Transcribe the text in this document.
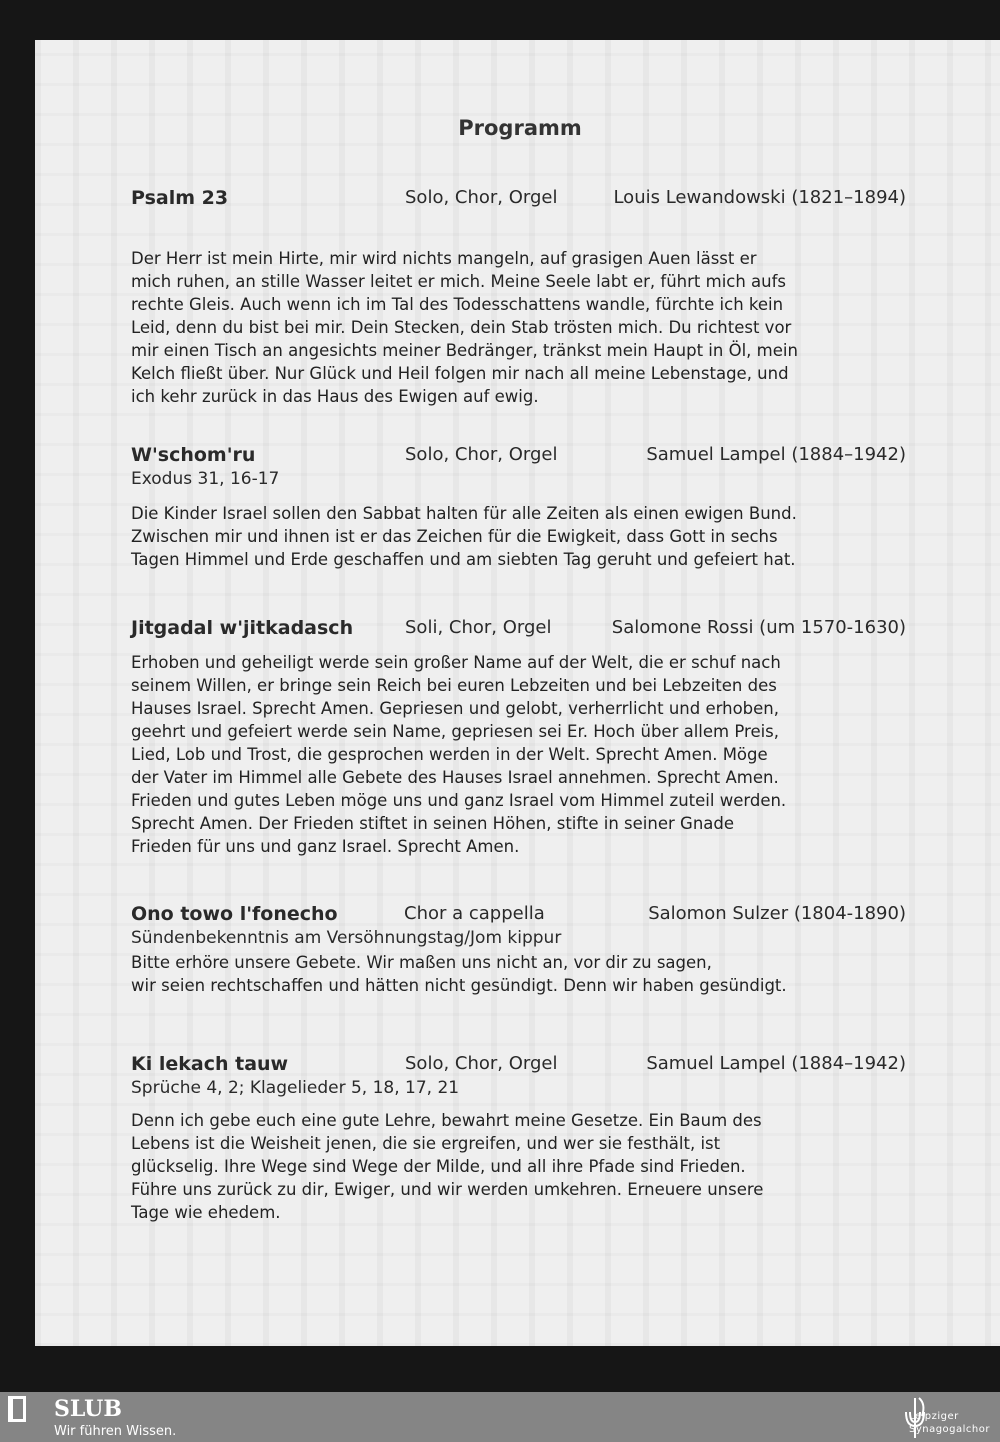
Programm
Psalm 23	Solo, Chor, Orgel	Louis Lewandowski (1821–1894)
Der Herr ist mein Hirte, mir wird nichts mangeln, auf grasigen Auen lässt er
mich ruhen, an stille Wasser leitet er mich. Meine Seele labt er, führt mich aufs
rechte Gleis. Auch wenn ich im Tal des Todesschattens wandle, fürchte ich kein
Leid, denn du bist bei mir. Dein Stecken, dein Stab trösten mich. Du richtest vor
mir einen Tisch an angesichts meiner Bedränger, tränkst mein Haupt in Öl, mein
Kelch fließt über. Nur Glück und Heil folgen mir nach all meine Lebenstage, und
ich kehr zurück in das Haus des Ewigen auf ewig.
W'schom'ru	Solo, Chor, Orgel	Samuel Lampel (1884–1942)
Exodus 31, 16-17
Die Kinder Israel sollen den Sabbat halten für alle Zeiten als einen ewigen Bund.
Zwischen mir und ihnen ist er das Zeichen für die Ewigkeit, dass Gott in sechs
Tagen Himmel und Erde geschaffen und am siebten Tag geruht und gefeiert hat.
Jitgadal w'jitkadasch	Soli, Chor, Orgel	Salomone Rossi (um 1570-1630)
Erhoben und geheiligt werde sein großer Name auf der Welt, die er schuf nach
seinem Willen, er bringe sein Reich bei euren Lebzeiten und bei Lebzeiten des
Hauses Israel. Sprecht Amen. Gepriesen und gelobt, verherrlicht und erhoben,
geehrt und gefeiert werde sein Name, gepriesen sei Er. Hoch über allem Preis,
Lied, Lob und Trost, die gesprochen werden in der Welt. Sprecht Amen. Möge
der Vater im Himmel alle Gebete des Hauses Israel annehmen. Sprecht Amen.
Frieden und gutes Leben möge uns und ganz Israel vom Himmel zuteil werden.
Sprecht Amen. Der Frieden stiftet in seinen Höhen, stifte in seiner Gnade
Frieden für uns und ganz Israel. Sprecht Amen.
Ono towo l'fonecho	Chor a cappella	Salomon Sulzer (1804-1890)
Sündenbekenntnis am Versöhnungstag/Jom kippur
Bitte erhöre unsere Gebete. Wir maßen uns nicht an, vor dir zu sagen,
wir seien rechtschaffen und hätten nicht gesündigt. Denn wir haben gesündigt.
Ki lekach tauw	Solo, Chor, Orgel	Samuel Lampel (1884–1942)
Sprüche 4, 2; Klagelieder 5, 18, 17, 21
Denn ich gebe euch eine gute Lehre, bewahrt meine Gesetze. Ein Baum des
Lebens ist die Weisheit jenen, die sie ergreifen, und wer sie festhält, ist
glückselig. Ihre Wege sind Wege der Milde, und all ihre Pfade sind Frieden.
Führe uns zurück zu dir, Ewiger, und wir werden umkehren. Erneuere unsere
Tage wie ehedem.
SLUB
Wir führen Wissen.
Leipziger
Synagogalchor
